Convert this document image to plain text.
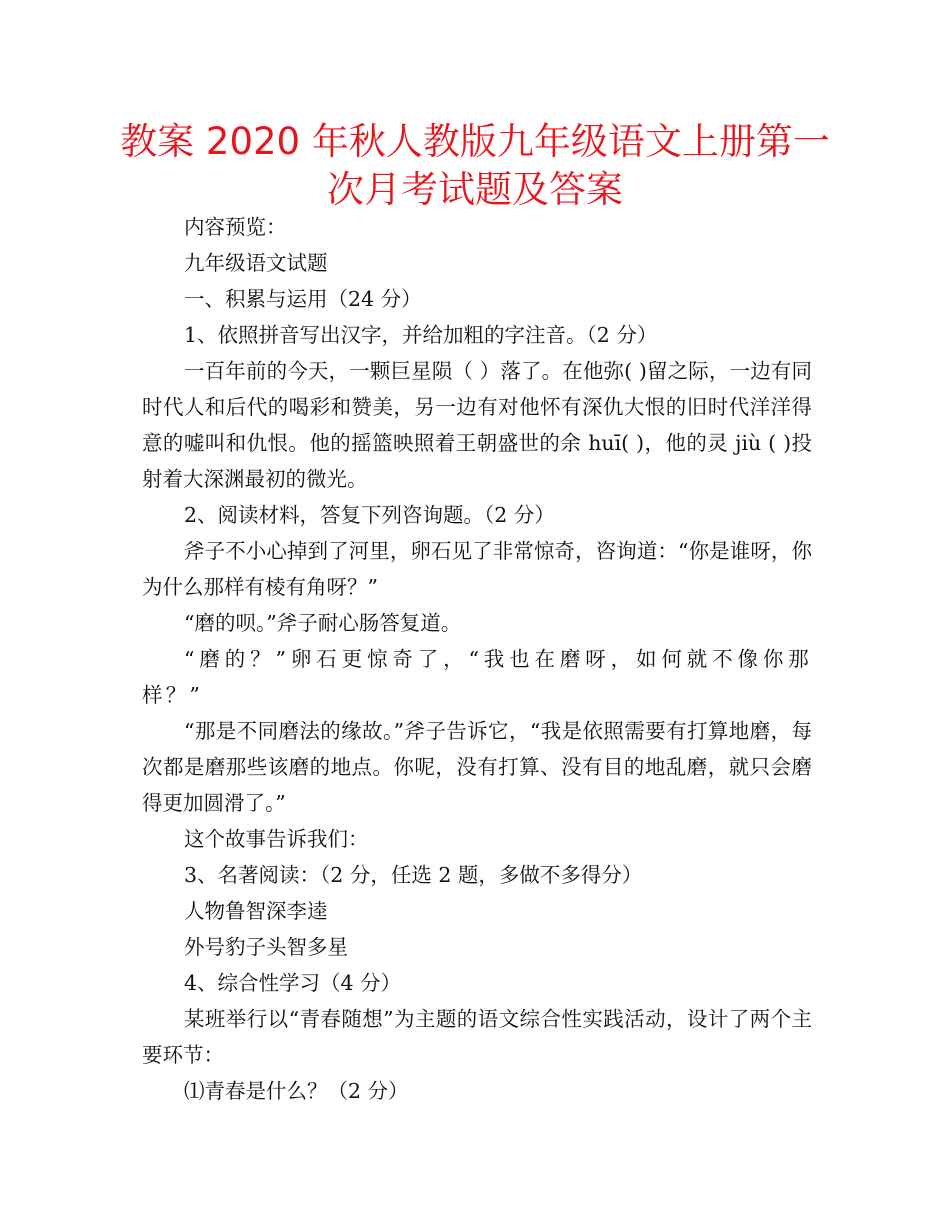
教案 2020 年秋人教版九年级语文上册第一
次月考试题及答案

内容预览：

九年级语文试题

一、积累与运用（24 分）

1、依照拼音写出汉字，并给加粗的字注音。（2 分）

一百年前的今天，一颗巨星陨（ ）落了。在他弥( )留之际，一边有同时代人和后代的喝彩和赞美，另一边有对他怀有深仇大恨的旧时代洋洋得意的嘘叫和仇恨。他的摇篮映照着王朝盛世的余 huī( )，他的灵 jiù ( )投射着大深渊最初的微光。

2、阅读材料，答复下列咨询题。（2 分）

斧子不小心掉到了河里，卵石见了非常惊奇，咨询道：“你是谁呀，你为什么那样有棱有角呀？”

“磨的呗。”斧子耐心肠答复道。

“磨的？”卵石更惊奇了，“我也在磨呀，如何就不像你那样？”

“那是不同磨法的缘故。”斧子告诉它，“我是依照需要有打算地磨，每次都是磨那些该磨的地点。你呢，没有打算、没有目的地乱磨，就只会磨得更加圆滑了。”

这个故事告诉我们：

3、名著阅读：（2 分，任选 2 题，多做不多得分）

人物鲁智深李逵

外号豹子头智多星

4、综合性学习（4 分）

某班举行以“青春随想”为主题的语文综合性实践活动，设计了两个主要环节：

⑴青春是什么？（2 分）
